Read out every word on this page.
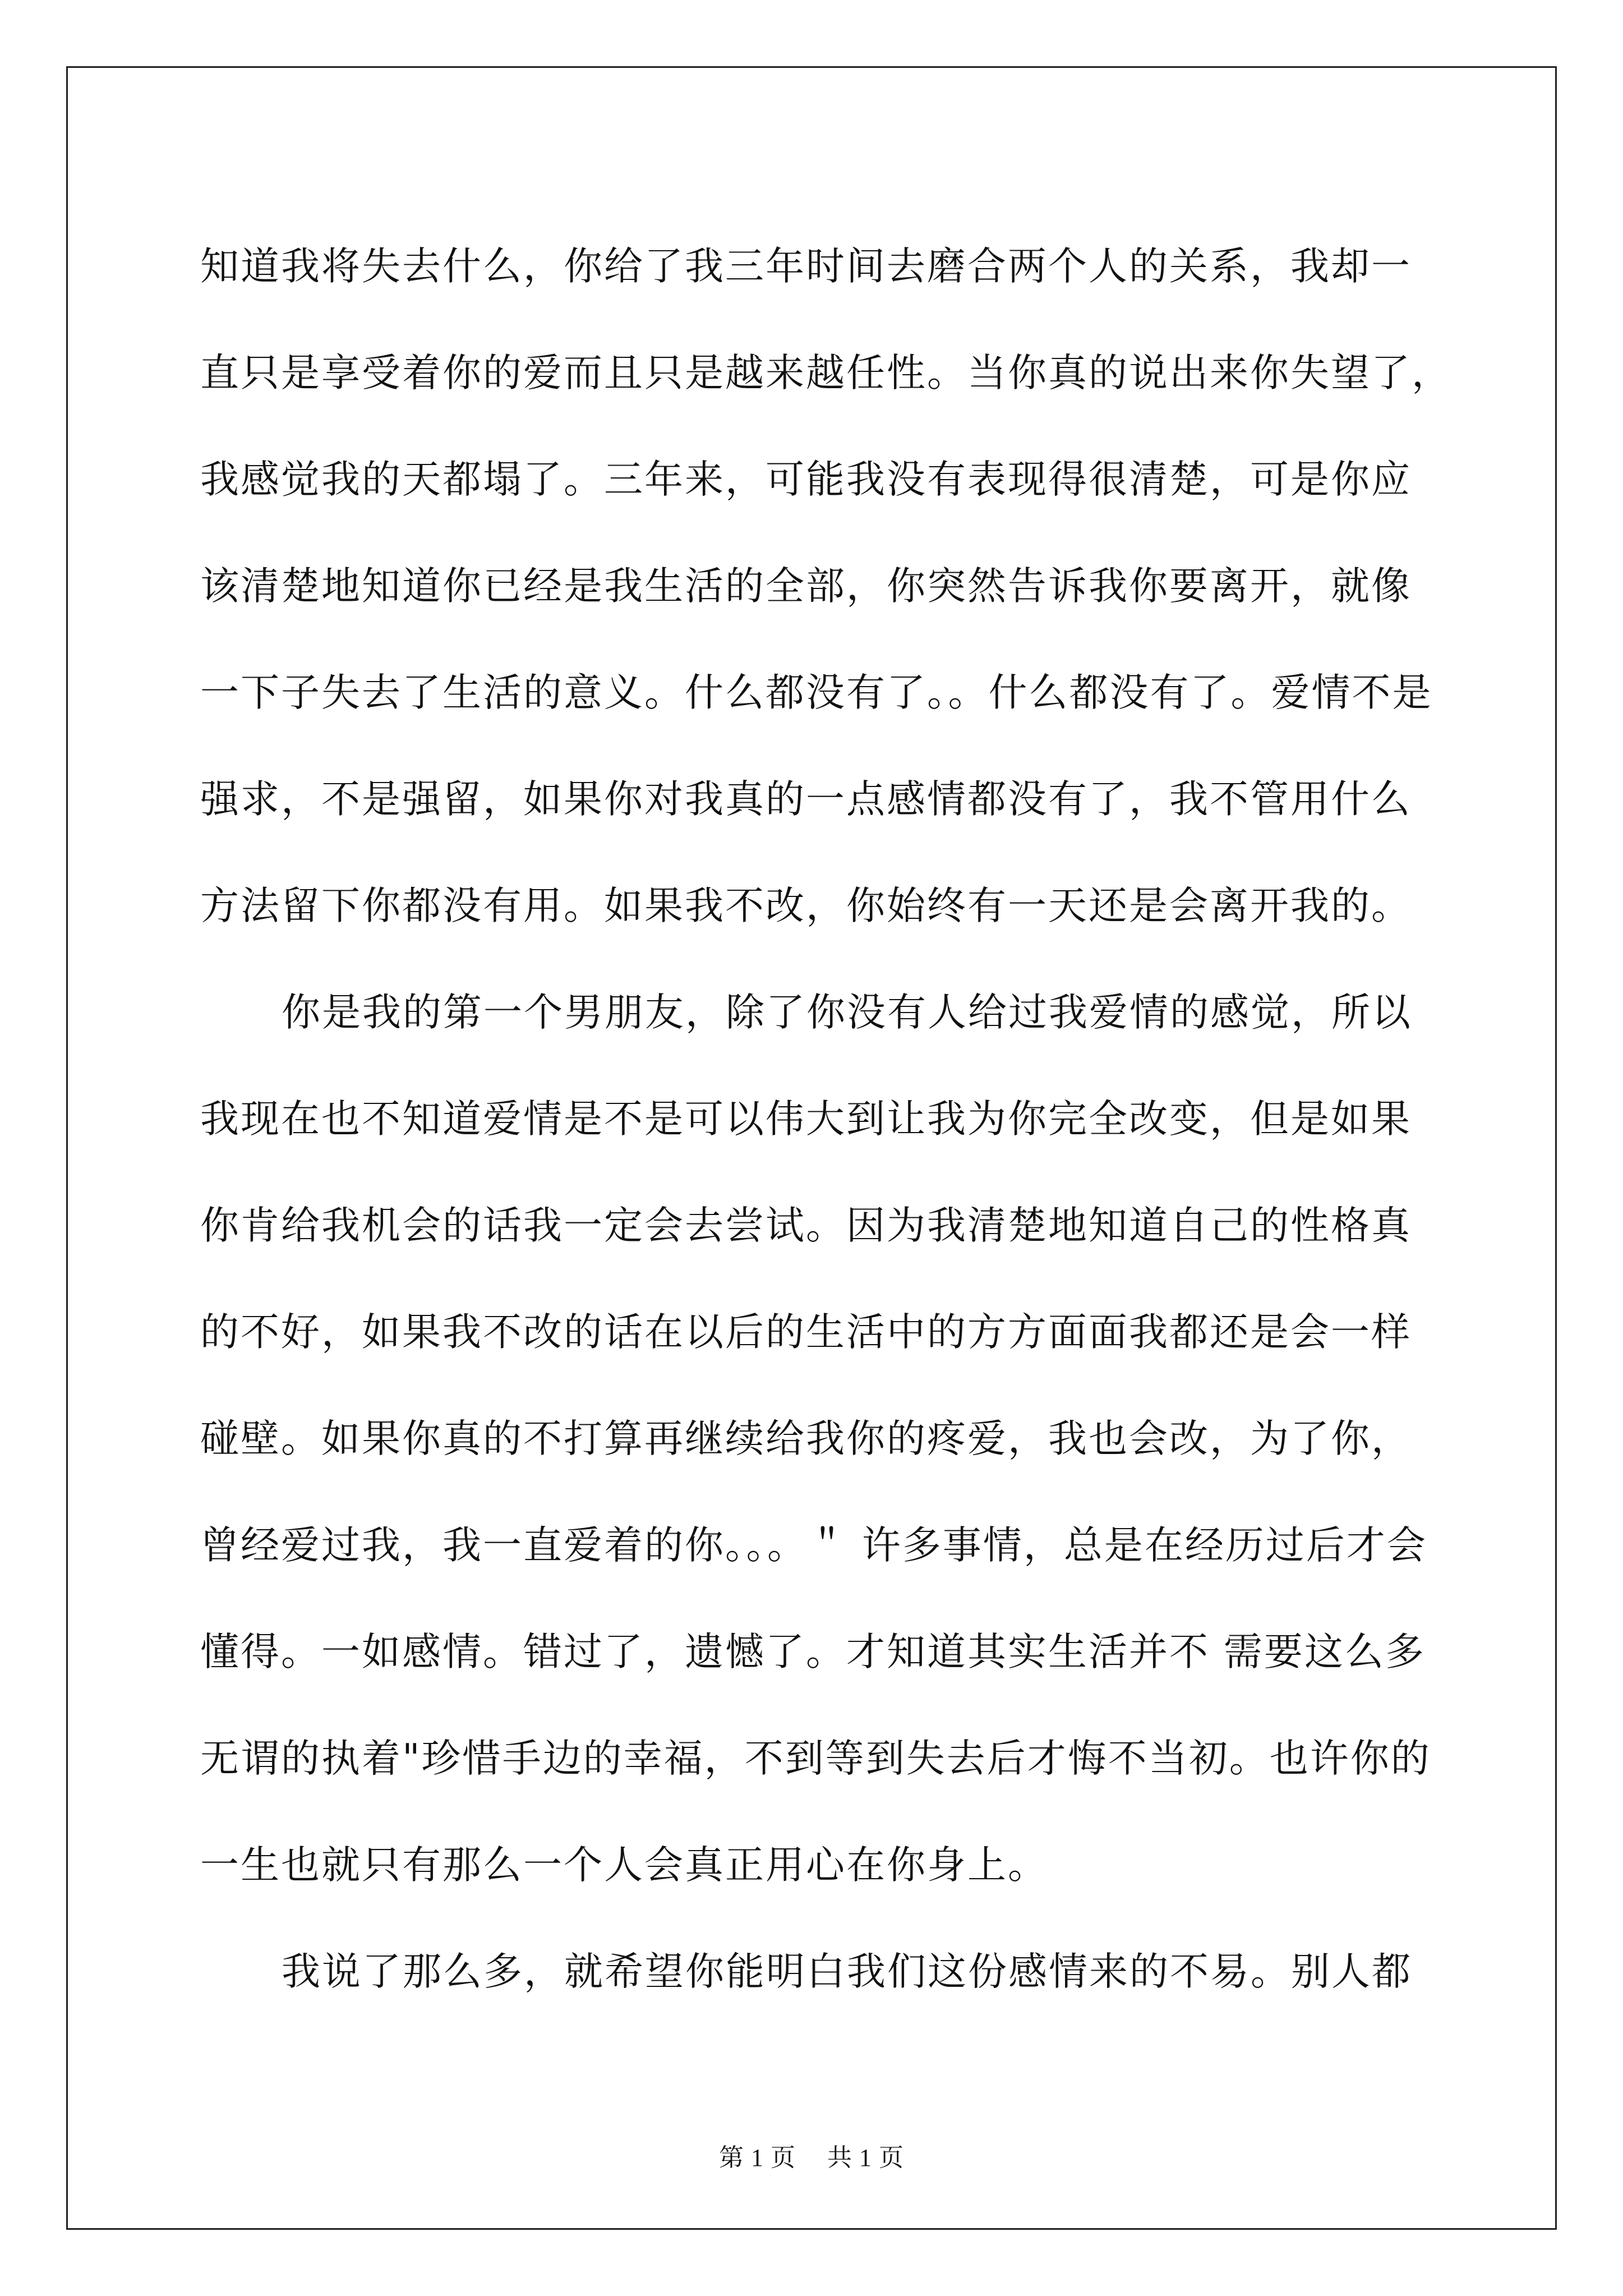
知道我将失去什么，你给了我三年时间去磨合两个人的关系，我却一
直只是享受着你的爱而且只是越来越任性。当你真的说出来你失望了，
我感觉我的天都塌了。三年来，可能我没有表现得很清楚，可是你应
该清楚地知道你已经是我生活的全部，你突然告诉我你要离开，就像
一下子失去了生活的意义。什么都没有了。。什么都没有了。爱情不是
强求，不是强留，如果你对我真的一点感情都没有了，我不管用什么
方法留下你都没有用。如果我不改，你始终有一天还是会离开我的。
你是我的第一个男朋友，除了你没有人给过我爱情的感觉，所以
我现在也不知道爱情是不是可以伟大到让我为你完全改变，但是如果
你肯给我机会的话我一定会去尝试。因为我清楚地知道自己的性格真
的不好，如果我不改的话在以后的生活中的方方面面我都还是会一样
碰壁。如果你真的不打算再继续给我你的疼爱，我也会改，为了你，
曾经爱过我，我一直爱着的你。。。＂ 许多事情，总是在经历过后才会
懂得。一如感情。错过了，遗憾了。才知道其实生活并不 需要这么多
无谓的执着"珍惜手边的幸福，不到等到失去后才悔不当初。也许你的
一生也就只有那么一个人会真正用心在你身上。
我说了那么多，就希望你能明白我们这份感情来的不易。别人都
第 1 页 共 1 页
